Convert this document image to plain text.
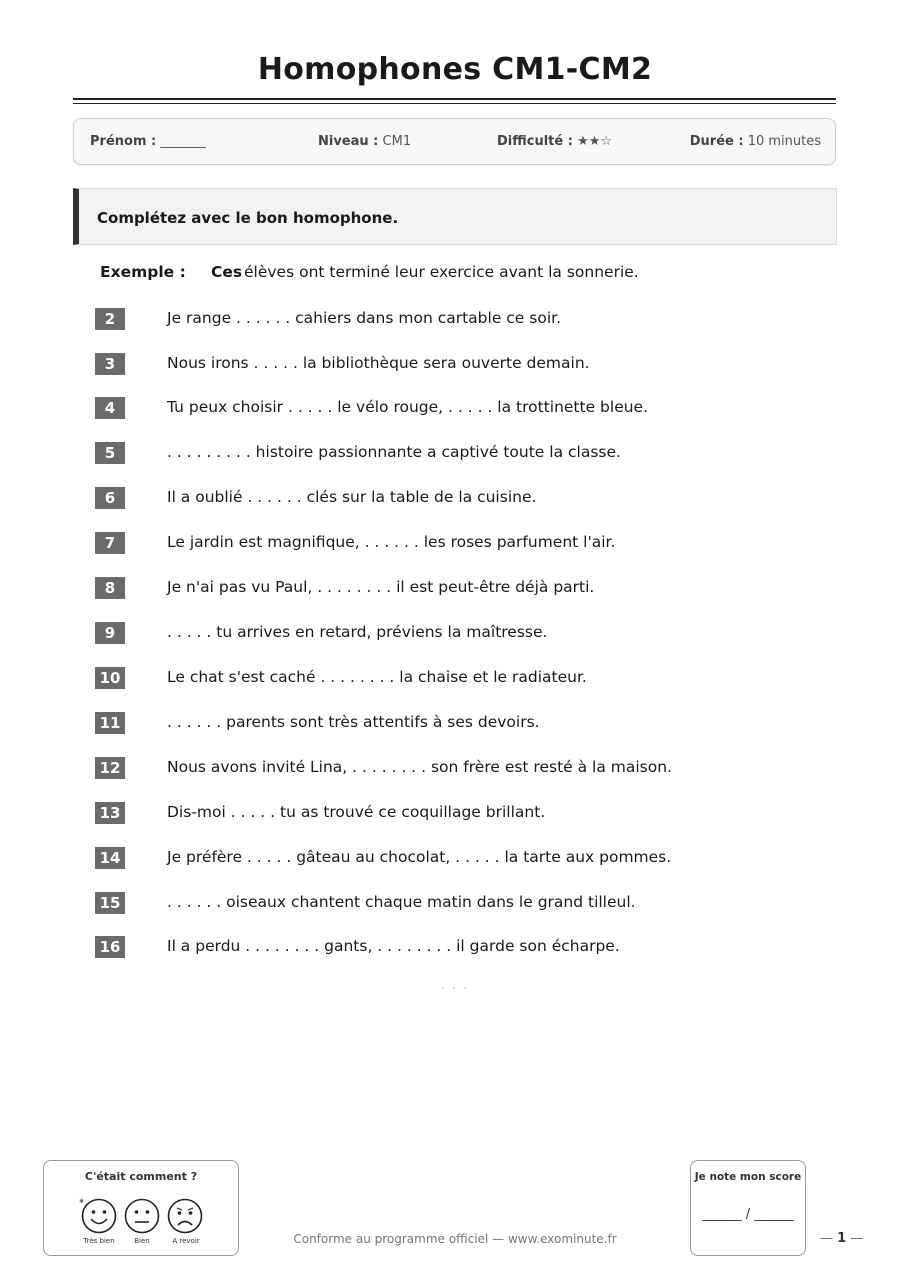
Homophones CM1-CM2
Prénom : _______	Niveau : CM1	Difficulté : ★★☆	Durée : 10 minutes
Complétez avec le bon homophone.
Exemple : Ces élèves ont terminé leur exercice avant la sonnerie.
2	Je range . . . . . . cahiers dans mon cartable ce soir.
3	Nous irons . . . . . la bibliothèque sera ouverte demain.
4	Tu peux choisir . . . . . le vélo rouge, . . . . . la trottinette bleue.
5	. . . . . . . . . histoire passionnante a captivé toute la classe.
6	Il a oublié . . . . . . clés sur la table de la cuisine.
7	Le jardin est magnifique, . . . . . . les roses parfument l'air.
8	Je n'ai pas vu Paul, . . . . . . . . il est peut-être déjà parti.
9	. . . . . tu arrives en retard, préviens la maîtresse.
10	Le chat s'est caché . . . . . . . . la chaise et le radiateur.
11	. . . . . . parents sont très attentifs à ses devoirs.
12	Nous avons invité Lina, . . . . . . . . son frère est resté à la maison.
13	Dis-moi . . . . . tu as trouvé ce coquillage brillant.
14	Je préfère . . . . . gâteau au chocolat, . . . . . la tarte aux pommes.
15	. . . . . . oiseaux chantent chaque matin dans le grand tilleul.
16	Il a perdu . . . . . . . . gants, . . . . . . . . il garde son écharpe.
· · ·
C'était comment ?
✱
Très bien	Bien	A revoir	Conforme au programme officiel — www.exominute.fr
Je note mon score
______ / ______
— 1 —
